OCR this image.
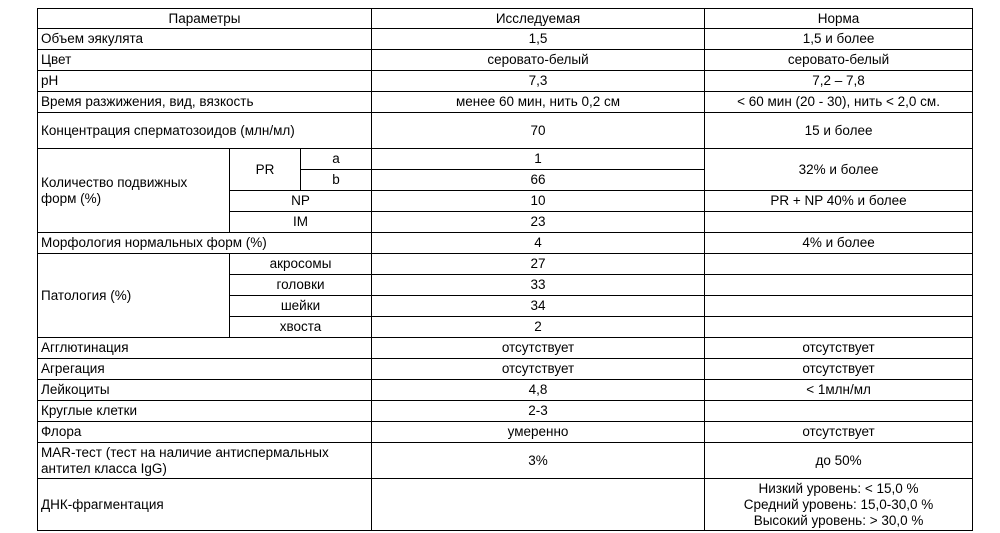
Параметры			Исследуемая	Норма
Объем эякулята			1,5	1,5 и более
Цвет			серовато-белый	серовато-белый
pH			7,3	7,2 – 7,8
Время разжижения, вид, вязкость			менее 60 мин, нить 0,2 см	< 60 мин (20 - 30), нить < 2,0 см.
Концентрация сперматозоидов (млн/мл)			70	15 и более
Количество подвижных форм (%)	PR	a	1	32% и более
		b	66	
	NP		10	PR + NP 40% и более
	IM		23	
Морфология нормальных форм (%)			4	4% и более
Патология (%)	акросомы		27	
	головки		33	
	шейки		34	
	хвоста		2	
Агглютинация			отсутствует	отсутствует
Агрегация			отсутствует	отсутствует
Лейкоциты			4,8	< 1млн/мл
Круглые клетки			2-3	
Флора			умеренно	отсутствует

MAR-тест (тест на наличие антиспермальных
антител класса IgG)			3%	до 50%
ДНК-фрагментация				Низкий уровень: < 15,0 %
Средний уровень: 15,0-30,0 %
Высокий уровень: > 30,0 %
